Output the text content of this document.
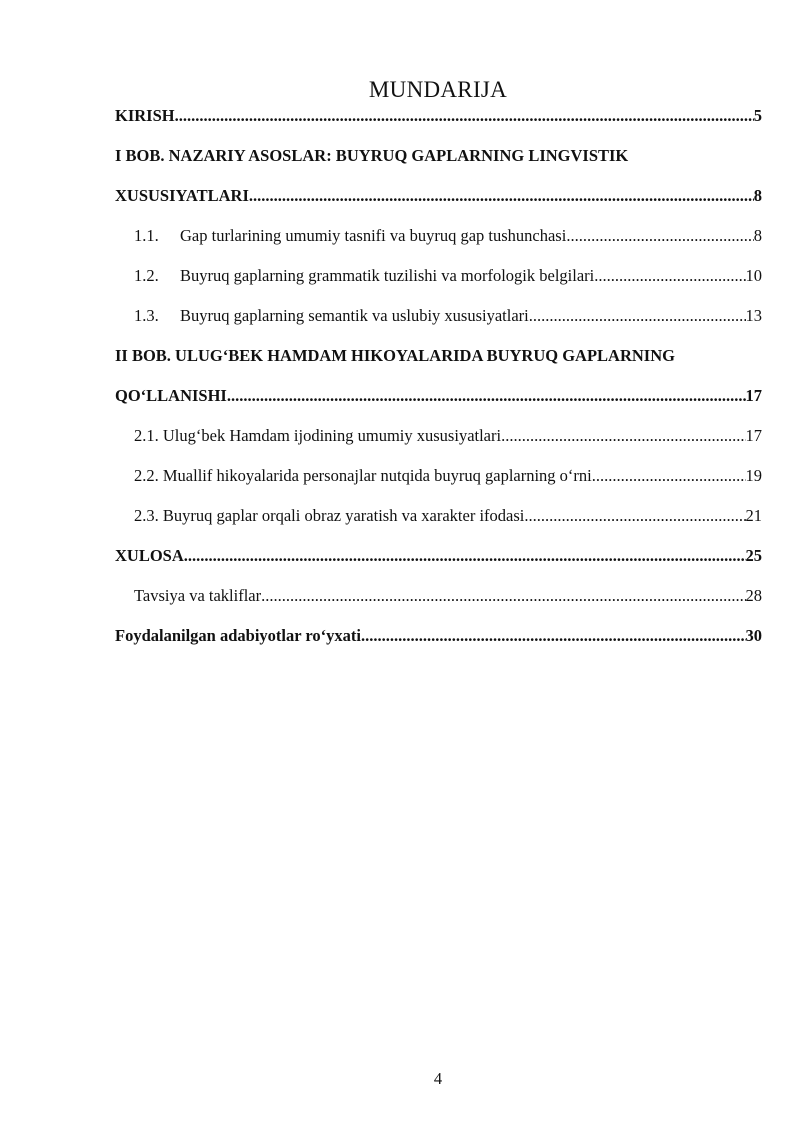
MUNDARIJA
KIRISH .....	5
I BOB. NAZARIY ASOSLAR: BUYRUQ GAPLARNING LINGVISTIK
XUSUSIYATLARI .....	8
1.1.	Gap turlarining umumiy tasnifi va buyruq gap tushunchasi .....	8
1.2.	Buyruq gaplarning grammatik tuzilishi va morfologik belgilari .....	10
1.3.	Buyruq gaplarning semantik va uslubiy xususiyatlari .....	13
II BOB. ULUG‘BEK HAMDAM HIKOYALARIDA BUYRUQ GAPLARNING
QO‘LLANISHI .....	17
2.1. Ulug‘bek Hamdam ijodining umumiy xususiyatlari .....	17
2.2. Muallif hikoyalarida personajlar nutqida buyruq gaplarning o‘rni .....	19
2.3. Buyruq gaplar orqali obraz yaratish va xarakter ifodasi .....	21
XULOSA .....	25
Tavsiya va takliflar .....	28
Foydalanilgan adabiyotlar ro‘yxati .....	30
4
